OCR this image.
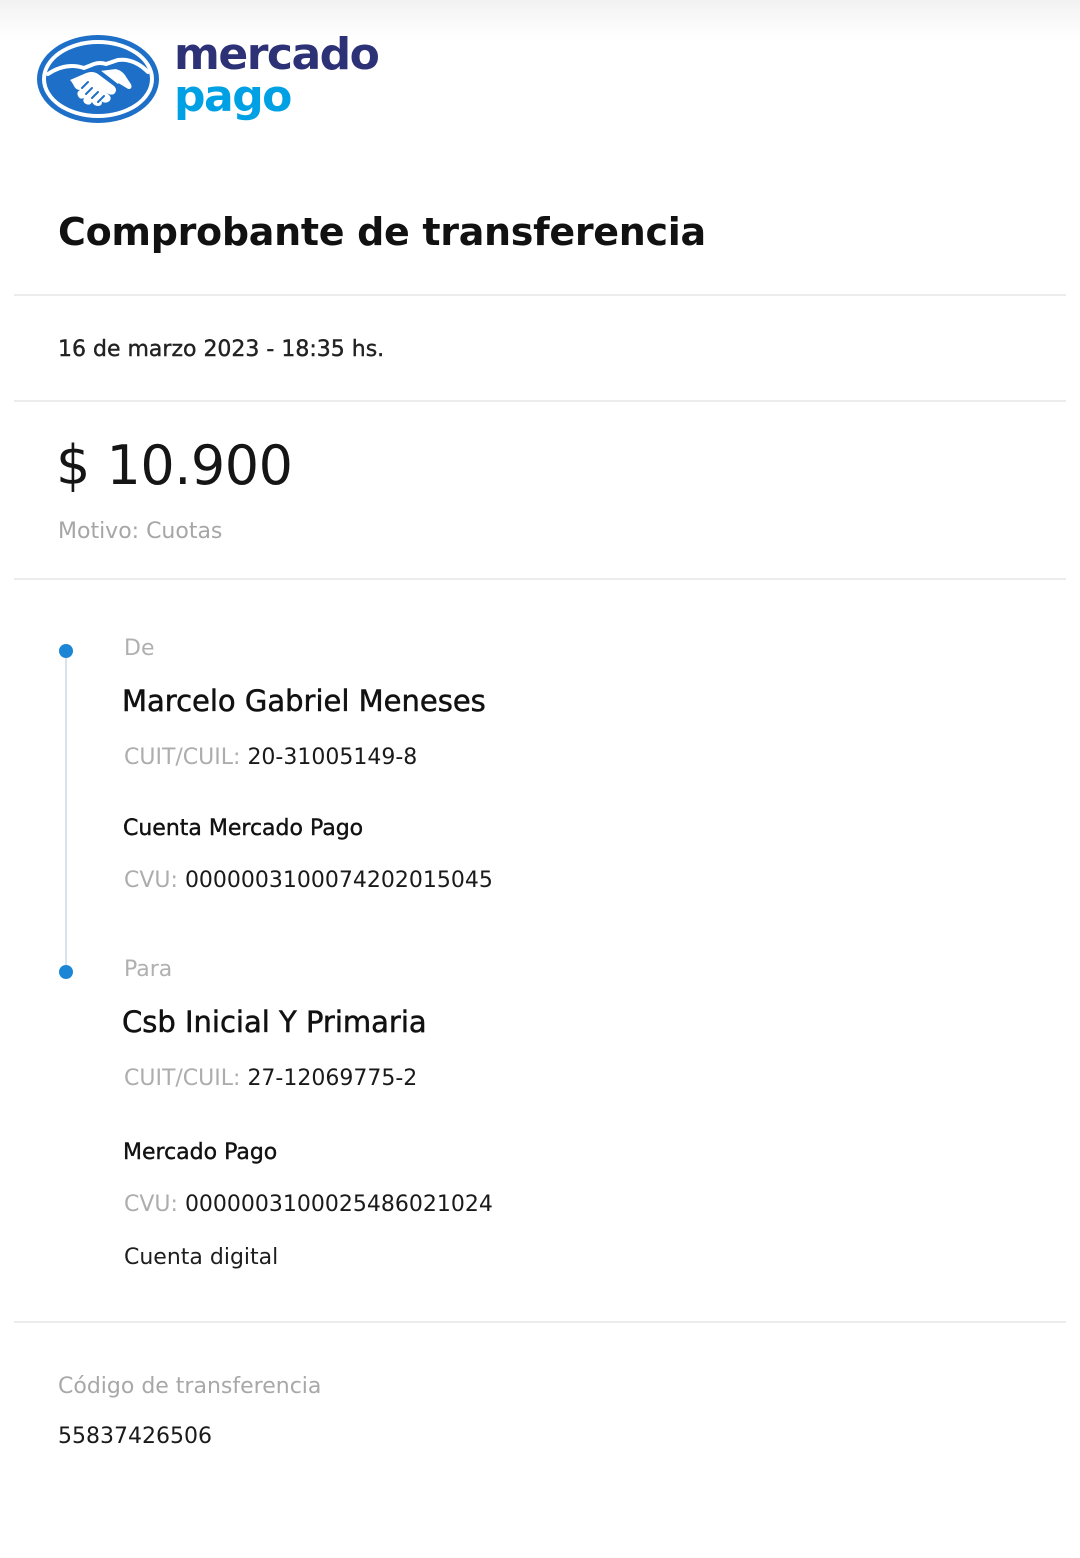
mercado
pago
Comprobante de transferencia
16 de marzo 2023 - 18:35 hs.
$ 10.900
Motivo: Cuotas
De
Marcelo Gabriel Meneses
CUIT/CUIL: 20-31005149-8
Cuenta Mercado Pago
CVU: 0000003100074202015045
Para
Csb Inicial Y Primaria
CUIT/CUIL: 27-12069775-2
Mercado Pago
CVU: 0000003100025486021024
Cuenta digital
Código de transferencia
55837426506
